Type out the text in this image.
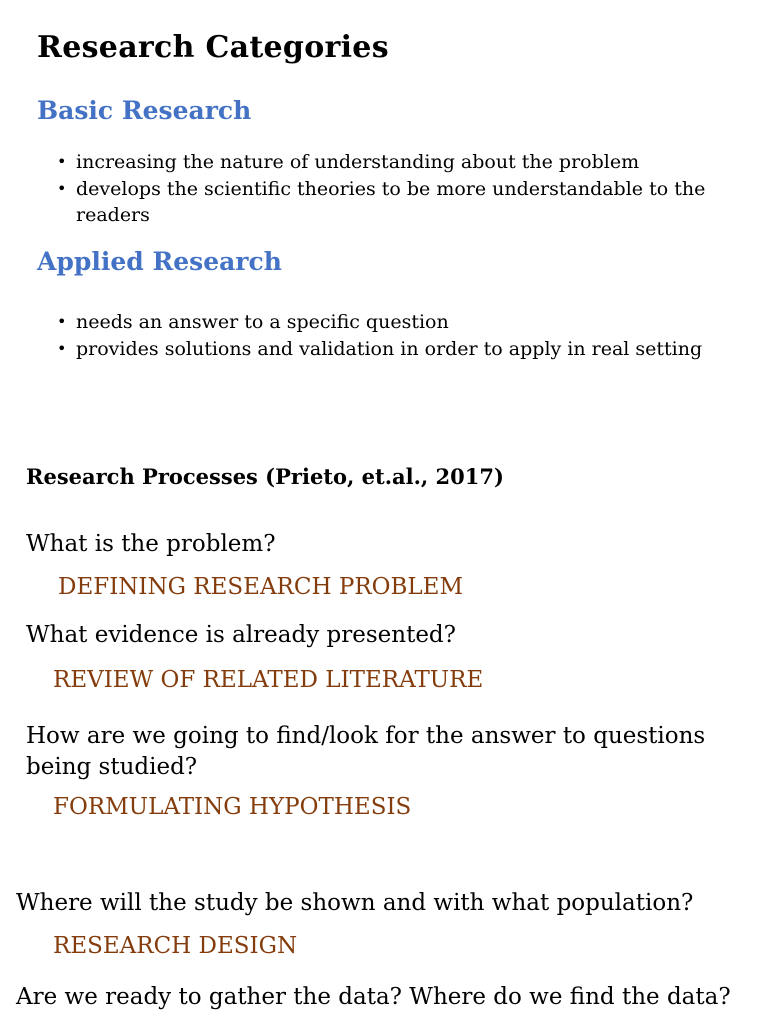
Research Categories
Basic Research
• increasing the nature of understanding about the problem
• develops the scientific theories to be more understandable to the readers
Applied Research
• needs an answer to a specific question
• provides solutions and validation in order to apply in real setting
Research Processes (Prieto, et.al., 2017)
What is the problem?
DEFINING RESEARCH PROBLEM
What evidence is already presented?
REVIEW OF RELATED LITERATURE
How are we going to find/look for the answer to questions being studied?
FORMULATING HYPOTHESIS
Where will the study be shown and with what population?
RESEARCH DESIGN
Are we ready to gather the data? Where do we find the data?
